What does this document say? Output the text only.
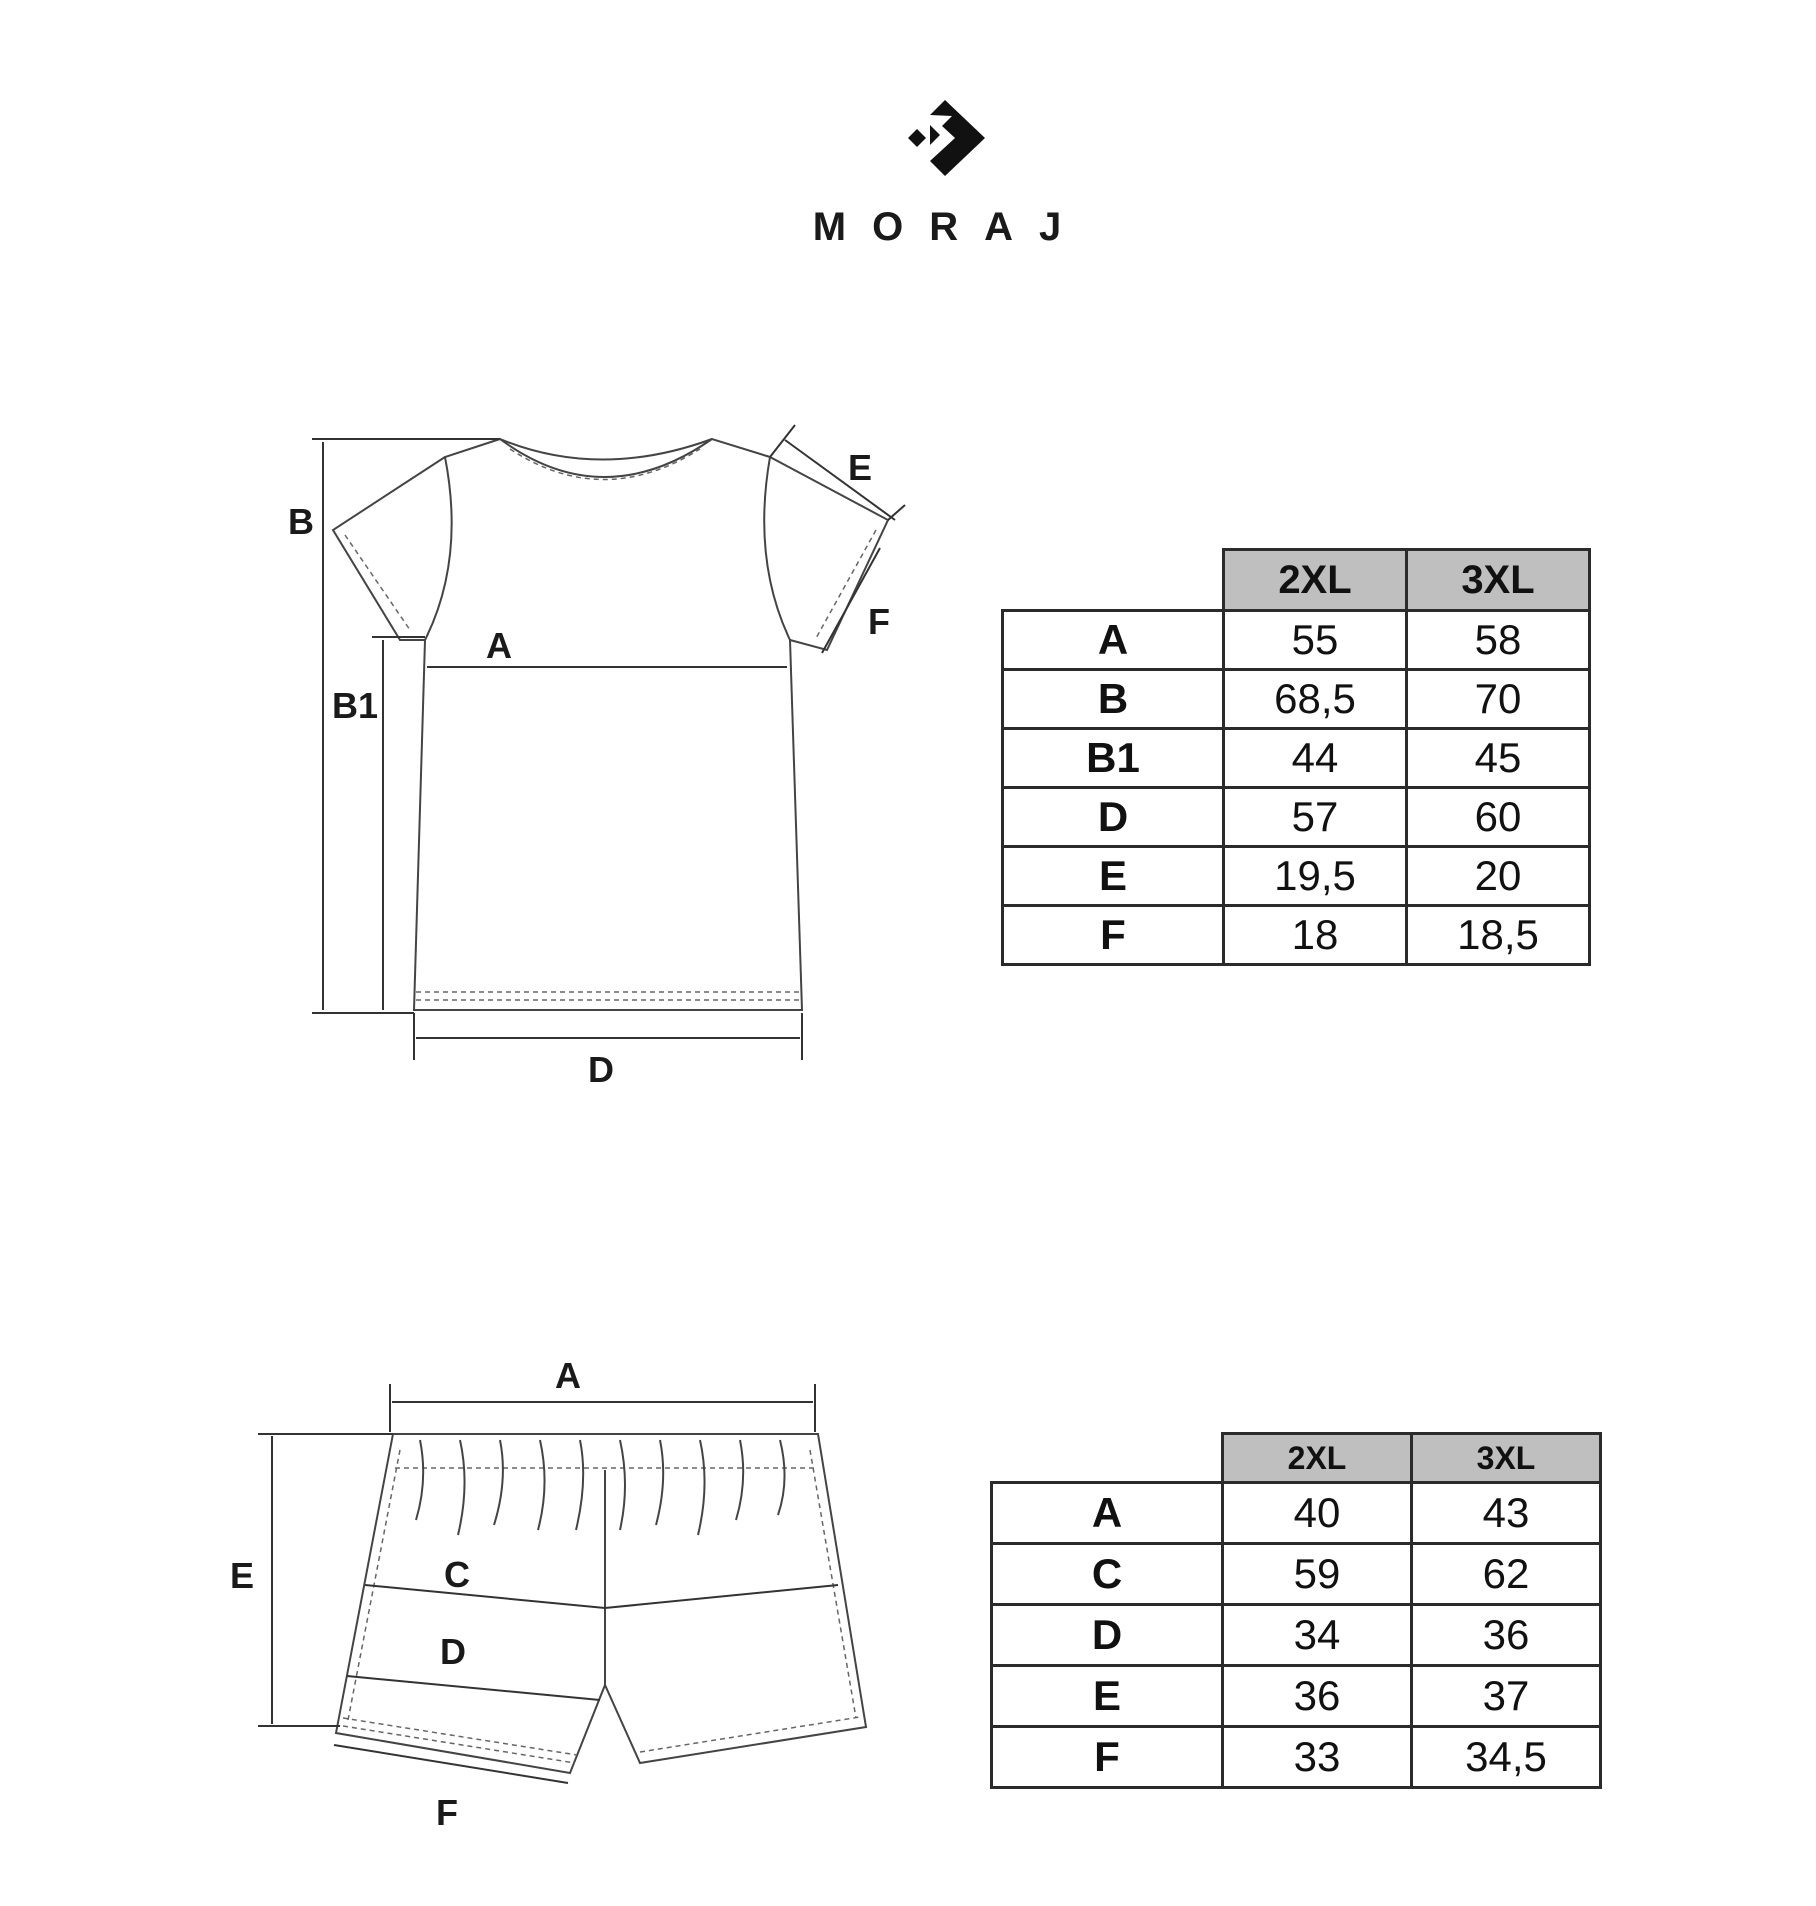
MORAJ
B
B1
A
D
E
F
	2XL	3XL
A	55	58
B	68,5	70
B1	44	45
D	57	60
E	19,5	20
F	18	18,5
A
E	C
D
F
	2XL	3XL
A	40	43
C	59	62
D	34	36
E	36	37
F	33	34,5
